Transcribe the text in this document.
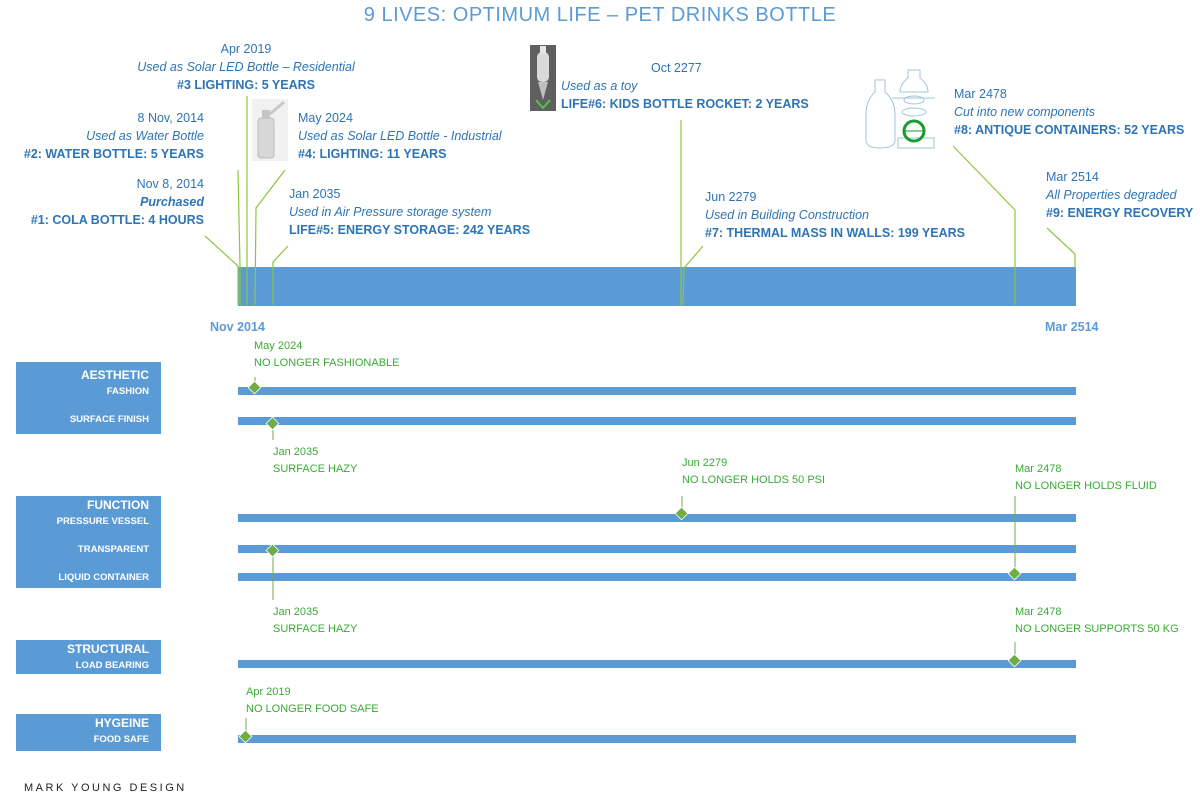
9 LIVES: OPTIMUM LIFE – PET DRINKS BOTTLE
Nov 8, 2014
Purchased
#1: COLA BOTTLE: 4 HOURS
8 Nov, 2014
Used as Water Bottle
#2: WATER BOTTLE: 5 YEARS
Apr 2019
Used as Solar LED Bottle – Residential
#3 LIGHTING: 5 YEARS
May 2024
Used as Solar LED Bottle - Industrial
#4: LIGHTING: 11 YEARS
Jan 2035
Used in Air Pressure storage system
LIFE#5: ENERGY STORAGE: 242 YEARS
Oct 2277
Used as a toy
LIFE#6: KIDS BOTTLE ROCKET: 2 YEARS
Jun 2279
Used in Building Construction
#7: THERMAL MASS IN WALLS: 199 YEARS
Mar 2478
Cut into new components
#8: ANTIQUE CONTAINERS: 52 YEARS
Mar 2514
All Properties degraded
#9: ENERGY RECOVERY
Nov 2014	Mar 2514
AESTHETIC
FASHION
SURFACE FINISH
FUNCTION
PRESSURE VESSEL
TRANSPARENT
LIQUID CONTAINER
STRUCTURAL
LOAD BEARING
HYGEINE
FOOD SAFE
May 2024
NO LONGER FASHIONABLE
Jan 2035
SURFACE HAZY	Jun 2279
NO LONGER HOLDS 50 PSI
Mar 2478
NO LONGER HOLDS FLUID
Jan 2035
SURFACE HAZY
Mar 2478
NO LONGER SUPPORTS 50 KG
Apr 2019
NO LONGER FOOD SAFE
MARK YOUNG DESIGN
